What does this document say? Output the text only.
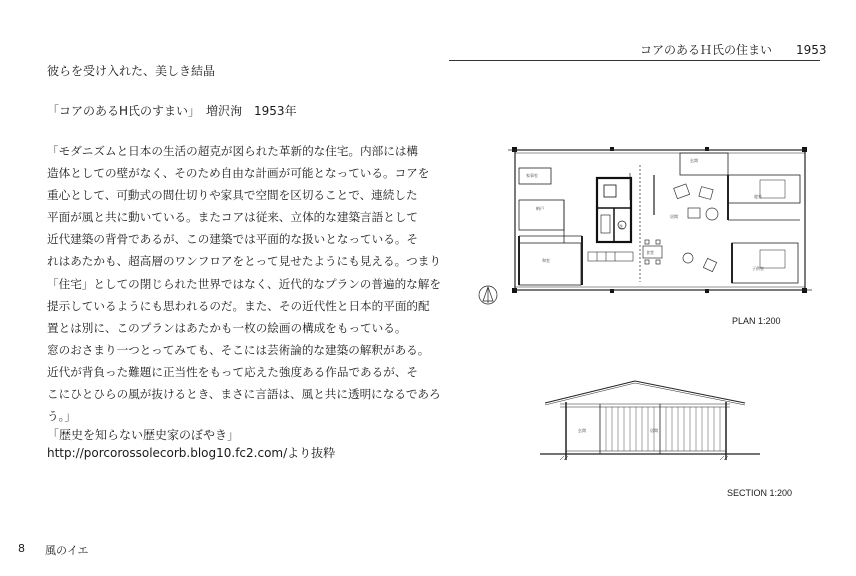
コアのあるＨ氏の住まい　　1953
彼らを受け入れた、美しき結晶
「コアのあるH氏のすまい」　増沢洵　1953年
「モダニズムと日本の生活の超克が図られた革新的な住宅。内部には構
造体としての壁がなく、そのため自由な計画が可能となっている。コアを
重心として、可動式の間仕切りや家具で空間を区切ることで、連続した
平面が風と共に動いている。またコアは従来、立体的な建築言語として
近代建築の背骨であるが、この建築では平面的な扱いとなっている。そ
れはあたかも、超高層のワンフロアをとって見せたようにも見える。つまり
「住宅」としての閉じられた世界ではなく、近代的なプランの普遍的な解を
提示しているようにも思われるのだ。また、その近代性と日本的平面的配
置とは別に、このプランはあたかも一枚の絵画の構成をもっている。
窓のおさまり一つとってみても、そこには芸術論的な建築の解釈がある。
近代が背負った難題に正当性をもって応えた強度ある作品であるが、そ
こにひとひらの風が抜けるとき、まさに言語は、風と共に透明になるであろ
う。」
「歴史を知らない歴史家のぼやき」
http://porcorossolecorb.blog10.fc2.com/より抜粋
家事室
納戸
和室
洗
食堂
居間
玄関
寝室
子供室
PLAN 1:200
玄関	居間
SECTION 1:200
8 風のイエ
